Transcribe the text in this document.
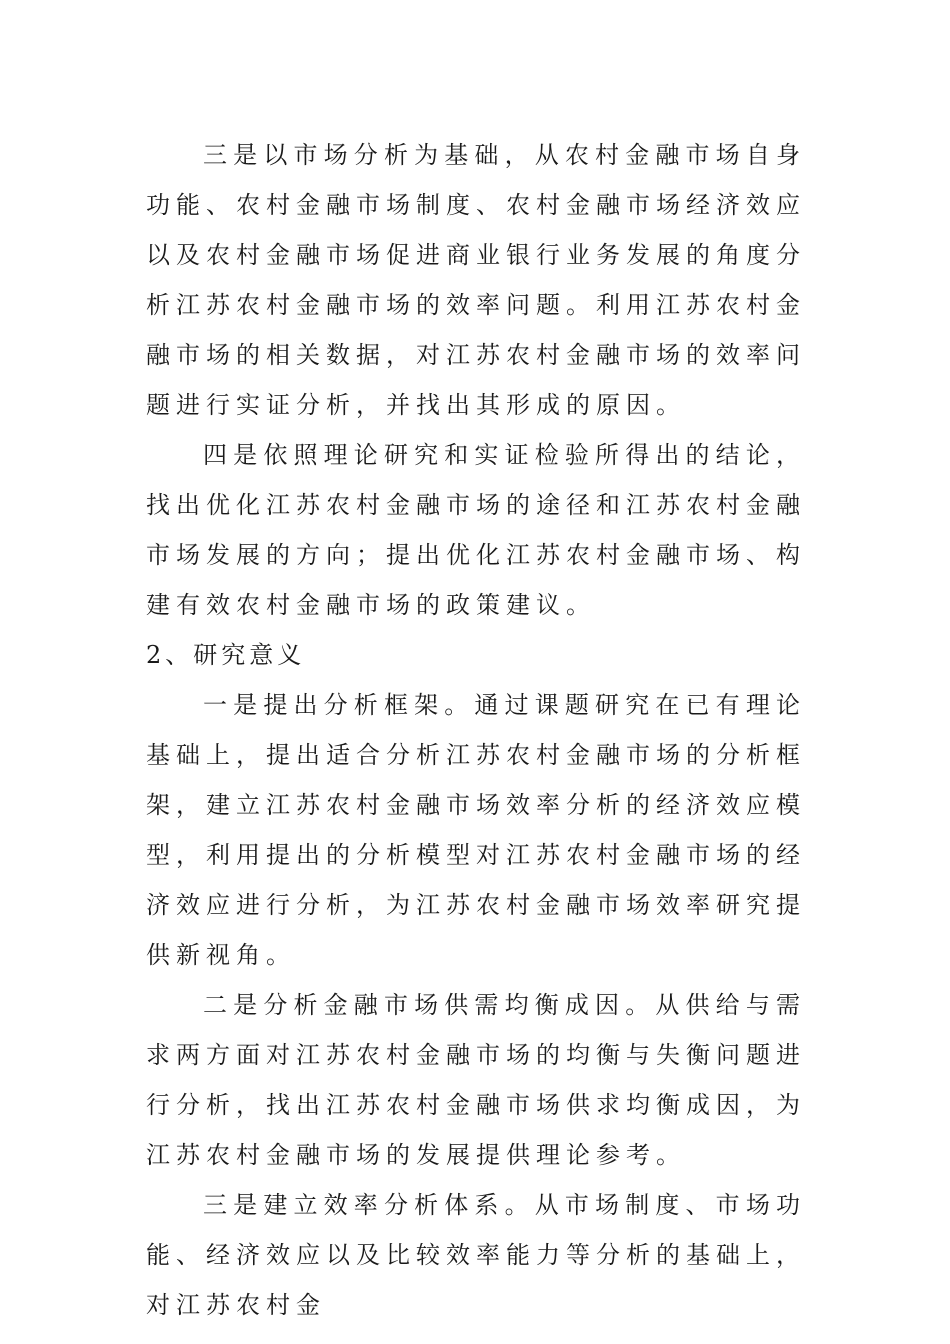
三是以市场分析为基础，从农村金融市场自身功能、农村金融市场制度、农村金融市场经济效应以及农村金融市场促进商业银行业务发展的角度分析江苏农村金融市场的效率问题。利用江苏农村金融市场的相关数据，对江苏农村金融市场的效率问题进行实证分析，并找出其形成的原因。

四是依照理论研究和实证检验所得出的结论，找出优化江苏农村金融市场的途径和江苏农村金融市场发展的方向；提出优化江苏农村金融市场、构建有效农村金融市场的政策建议。

2、研究意义

一是提出分析框架。通过课题研究在已有理论基础上，提出适合分析江苏农村金融市场的分析框架，建立江苏农村金融市场效率分析的经济效应模型，利用提出的分析模型对江苏农村金融市场的经济效应进行分析，为江苏农村金融市场效率研究提供新视角。

二是分析金融市场供需均衡成因。从供给与需求两方面对江苏农村金融市场的均衡与失衡问题进行分析，找出江苏农村金融市场供求均衡成因，为江苏农村金融市场的发展提供理论参考。

三是建立效率分析体系。从市场制度、市场功能、经济效应以及比较效率能力等分析的基础上，对江苏农村金
